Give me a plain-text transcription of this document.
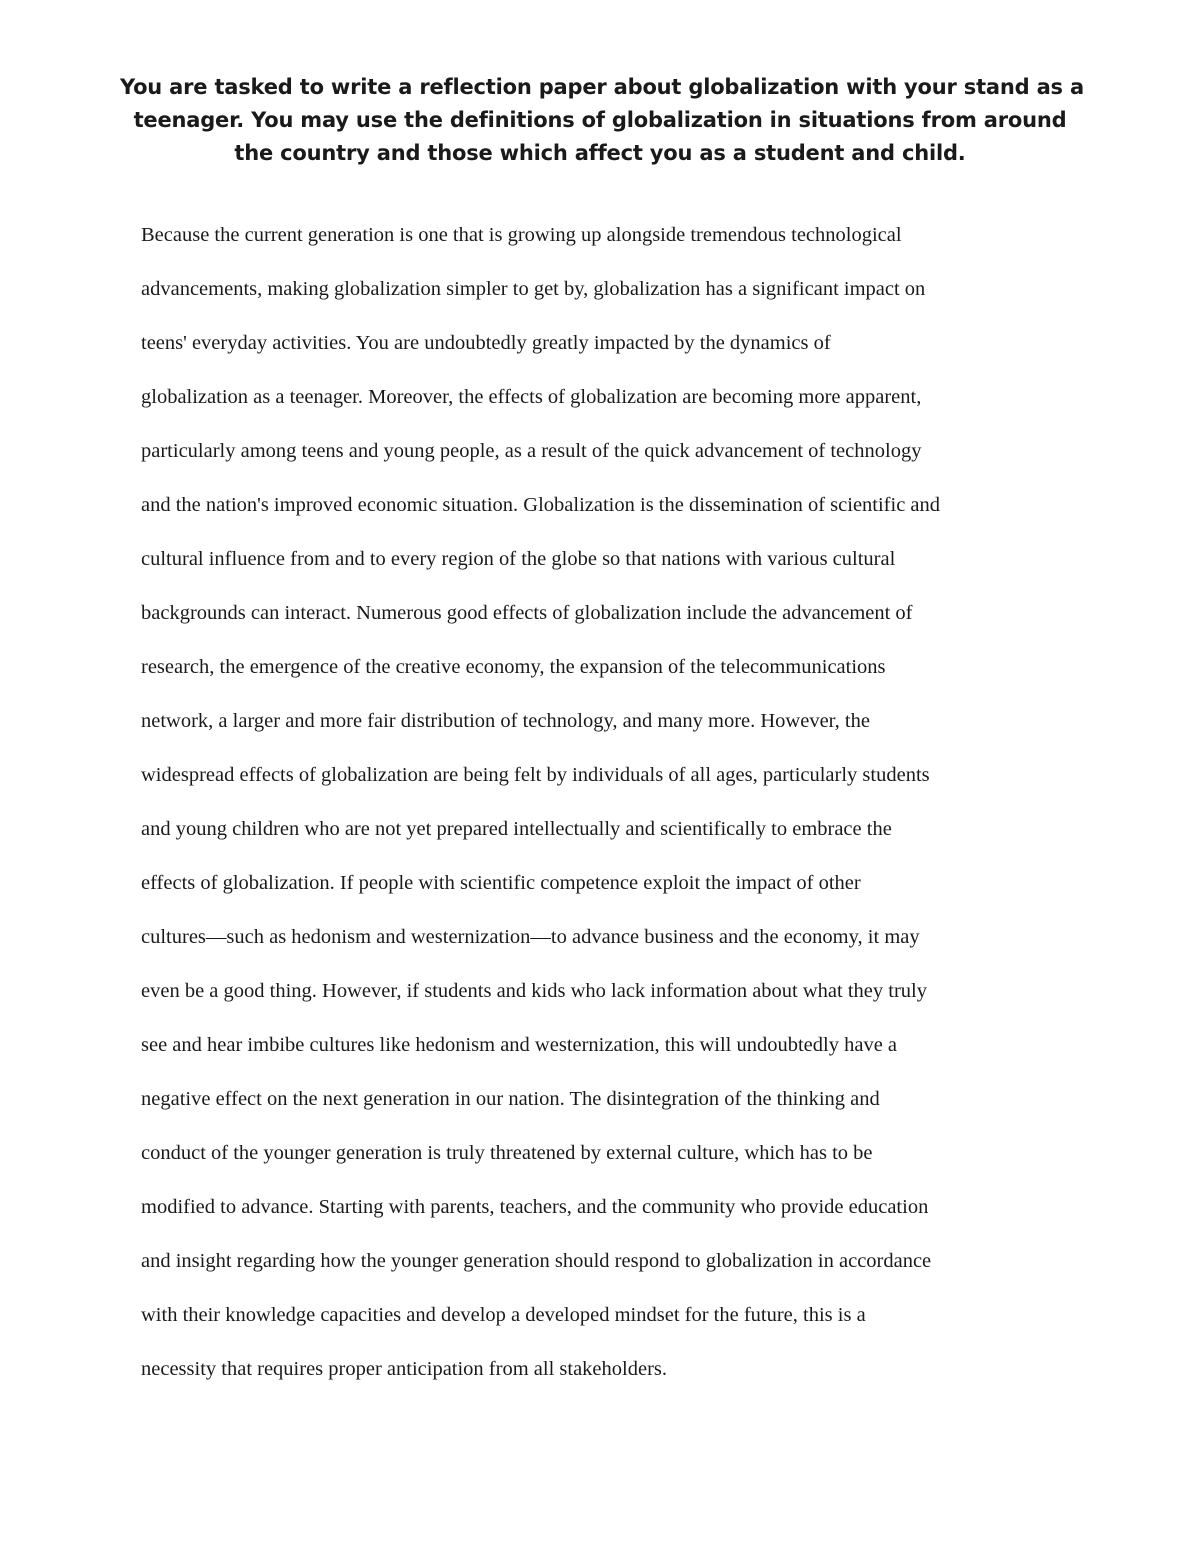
You are tasked to write a reflection paper about globalization with your stand as a
teenager. You may use the definitions of globalization in situations from around
the country and those which affect you as a student and child.
Because the current generation is one that is growing up alongside tremendous technological
advancements, making globalization simpler to get by, globalization has a significant impact on
teens' everyday activities. You are undoubtedly greatly impacted by the dynamics of
globalization as a teenager. Moreover, the effects of globalization are becoming more apparent,
particularly among teens and young people, as a result of the quick advancement of technology
and the nation's improved economic situation. Globalization is the dissemination of scientific and
cultural influence from and to every region of the globe so that nations with various cultural
backgrounds can interact. Numerous good effects of globalization include the advancement of
research, the emergence of the creative economy, the expansion of the telecommunications
network, a larger and more fair distribution of technology, and many more. However, the
widespread effects of globalization are being felt by individuals of all ages, particularly students
and young children who are not yet prepared intellectually and scientifically to embrace the
effects of globalization. If people with scientific competence exploit the impact of other
cultures—such as hedonism and westernization—to advance business and the economy, it may
even be a good thing. However, if students and kids who lack information about what they truly
see and hear imbibe cultures like hedonism and westernization, this will undoubtedly have a
negative effect on the next generation in our nation. The disintegration of the thinking and
conduct of the younger generation is truly threatened by external culture, which has to be
modified to advance. Starting with parents, teachers, and the community who provide education
and insight regarding how the younger generation should respond to globalization in accordance
with their knowledge capacities and develop a developed mindset for the future, this is a
necessity that requires proper anticipation from all stakeholders.
